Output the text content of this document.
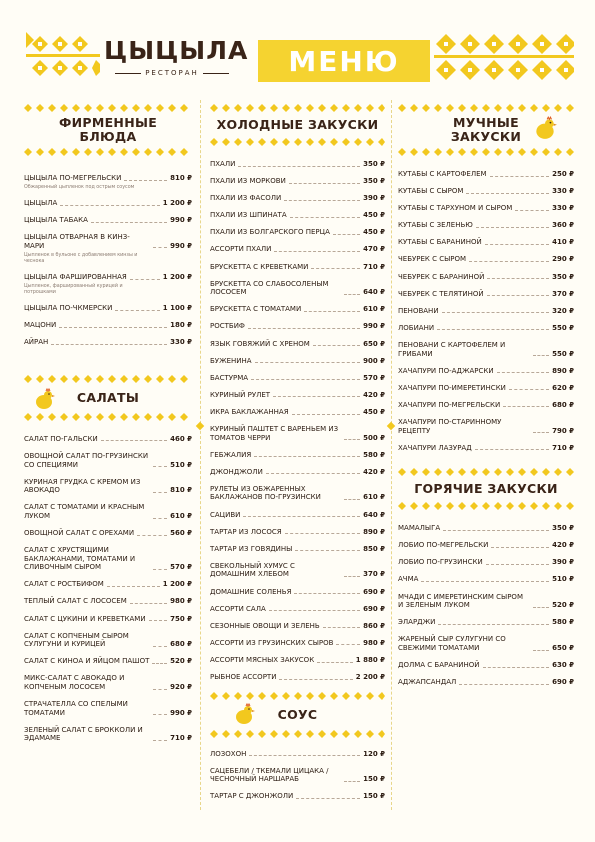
ЦЫЦЫЛА
РЕСТОРАН	МЕНЮ
ФИРМЕННЫЕ
БЛЮДА
ЦЫЦЫЛА ПО-МЕГРЕЛЬСКИ	810 ₽
Обжаренный цыпленок под острым соусом
ЦЫЦЫЛА	1 200 ₽
ЦЫЦЫЛА ТАБАКА	990 ₽
ЦЫЦЫЛА ОТВАРНАЯ В КИНЗ-МАРИ	990 ₽
Цыпленок в бульоне с добавлением кинзы и чеснока
ЦЫЦЫЛА ФАРШИРОВАННАЯ	1 200 ₽
Цыпленок, фаршированный курицей и потрошками
ЦЫЦЫЛА ПО-ЧКМЕРСКИ	1 100 ₽
МАЦОНИ	180 ₽
АЙРАН	330 ₽
САЛАТЫ
САЛАТ ПО-ГАЛЬСКИ	460 ₽
ОВОЩНОЙ САЛАТ ПО-ГРУЗИНСКИ СО СПЕЦИЯМИ	510 ₽
КУРИНАЯ ГРУДКА С КРЕМОМ ИЗ АВОКАДО	810 ₽
САЛАТ С ТОМАТАМИ И КРАСНЫМ ЛУКОМ	610 ₽
ОВОЩНОЙ САЛАТ С ОРЕХАМИ	560 ₽
САЛАТ С ХРУСТЯЩИМИ БАКЛАЖАНАМИ, ТОМАТАМИ И СЛИВОЧНЫМ СЫРОМ	570 ₽
САЛАТ С РОСТБИФОМ	1 200 ₽
ТЕПЛЫЙ САЛАТ С ЛОСОСЕМ	980 ₽
САЛАТ С ЦУКИНИ И КРЕВЕТКАМИ	750 ₽
САЛАТ С КОПЧЕНЫМ СЫРОМ СУЛУГУНИ И КУРИЦЕЙ	680 ₽
САЛАТ С КИНОА И ЯЙЦОМ ПАШОТ	520 ₽
МИКС-САЛАТ С АВОКАДО И КОПЧЕНЫМ ЛОСОСЕМ	920 ₽
СТРАЧАТЕЛЛА СО СПЕЛЫМИ ТОМАТАМИ	990 ₽
ЗЕЛЕНЫЙ САЛАТ С БРОККОЛИ И ЭДАМАМЕ	710 ₽
ХОЛОДНЫЕ ЗАКУСКИ
ПХАЛИ	350 ₽
ПХАЛИ ИЗ МОРКОВИ	350 ₽
ПХАЛИ ИЗ ФАСОЛИ	390 ₽
ПХАЛИ ИЗ ШПИНАТА	450 ₽
ПХАЛИ ИЗ БОЛГАРСКОГО ПЕРЦА	450 ₽
АССОРТИ ПХАЛИ	470 ₽
БРУСКЕТТА С КРЕВЕТКАМИ	710 ₽
БРУСКЕТТА СО СЛАБОСОЛЕНЫМ ЛОСОСЕМ	640 ₽
БРУСКЕТТА С ТОМАТАМИ	610 ₽
РОСТБИФ	990 ₽
ЯЗЫК ГОВЯЖИЙ С ХРЕНОМ	650 ₽
БУЖЕНИНА	900 ₽
БАСТУРМА	570 ₽
КУРИНЫЙ РУЛЕТ	420 ₽
ИКРА БАКЛАЖАННАЯ	450 ₽
КУРИНЫЙ ПАШТЕТ С ВАРЕНЬЕМ ИЗ ТОМАТОВ ЧЕРРИ	500 ₽
ГЕБЖАЛИЯ	580 ₽
ДЖОНДЖОЛИ	420 ₽
РУЛЕТЫ ИЗ ОБЖАРЕННЫХ БАКЛАЖАНОВ ПО-ГРУЗИНСКИ	610 ₽
САЦИВИ	640 ₽
ТАРТАР ИЗ ЛОСОСЯ	890 ₽
ТАРТАР ИЗ ГОВЯДИНЫ	850 ₽
СВЕКОЛЬНЫЙ ХУМУС С ДОМАШНИМ ХЛЕБОМ	370 ₽
ДОМАШНИЕ СОЛЕНЬЯ	690 ₽
АССОРТИ САЛА	690 ₽
СЕЗОННЫЕ ОВОЩИ И ЗЕЛЕНЬ	860 ₽
АССОРТИ ИЗ ГРУЗИНСКИХ СЫРОВ	980 ₽
АССОРТИ МЯСНЫХ ЗАКУСОК	1 880 ₽
РЫБНОЕ АССОРТИ	2 200 ₽
СОУС
ЛОЗОХОН	120 ₽
САЦЕБЕЛИ / ТКЕМАЛИ ЦИЦАКА / ЧЕСНОЧНЫЙ НАРШАРАБ	150 ₽
ТАРТАР С ДЖОНЖОЛИ	150 ₽
МУЧНЫЕ
ЗАКУСКИ
КУТАБЫ С КАРТОФЕЛЕМ	250 ₽
КУТАБЫ С СЫРОМ	330 ₽
КУТАБЫ С ТАРХУНОМ И СЫРОМ	330 ₽
КУТАБЫ С ЗЕЛЕНЬЮ	360 ₽
КУТАБЫ С БАРАНИНОЙ	410 ₽
ЧЕБУРЕК С СЫРОМ	290 ₽
ЧЕБУРЕК С БАРАНИНОЙ	350 ₽
ЧЕБУРЕК С ТЕЛЯТИНОЙ	370 ₽
ПЕНОВАНИ	320 ₽
ЛОБИАНИ	550 ₽
ПЕНОВАНИ С КАРТОФЕЛЕМ И ГРИБАМИ	550 ₽
ХАЧАПУРИ ПО-АДЖАРСКИ	890 ₽
ХАЧАПУРИ ПО-ИМЕРЕТИНСКИ	620 ₽
ХАЧАПУРИ ПО-МЕГРЕЛЬСКИ	680 ₽
ХАЧАПУРИ ПО-СТАРИННОМУ РЕЦЕПТУ	790 ₽
ХАЧАПУРИ ЛАЗУРАД	710 ₽
ГОРЯЧИЕ ЗАКУСКИ
МАМАЛЫГА	350 ₽
ЛОБИО ПО-МЕГРЕЛЬСКИ	420 ₽
ЛОБИО ПО-ГРУЗИНСКИ	390 ₽
АЧМА	510 ₽
МЧАДИ С ИМЕРЕТИНСКИМ СЫРОМ И ЗЕЛЕНЫМ ЛУКОМ	520 ₽
ЭЛАРДЖИ	580 ₽
ЖАРЕНЫЙ СЫР СУЛУГУНИ СО СВЕЖИМИ ТОМАТАМИ	650 ₽
ДОЛМА С БАРАНИНОЙ	630 ₽
АДЖАПСАНДАЛ	690 ₽
